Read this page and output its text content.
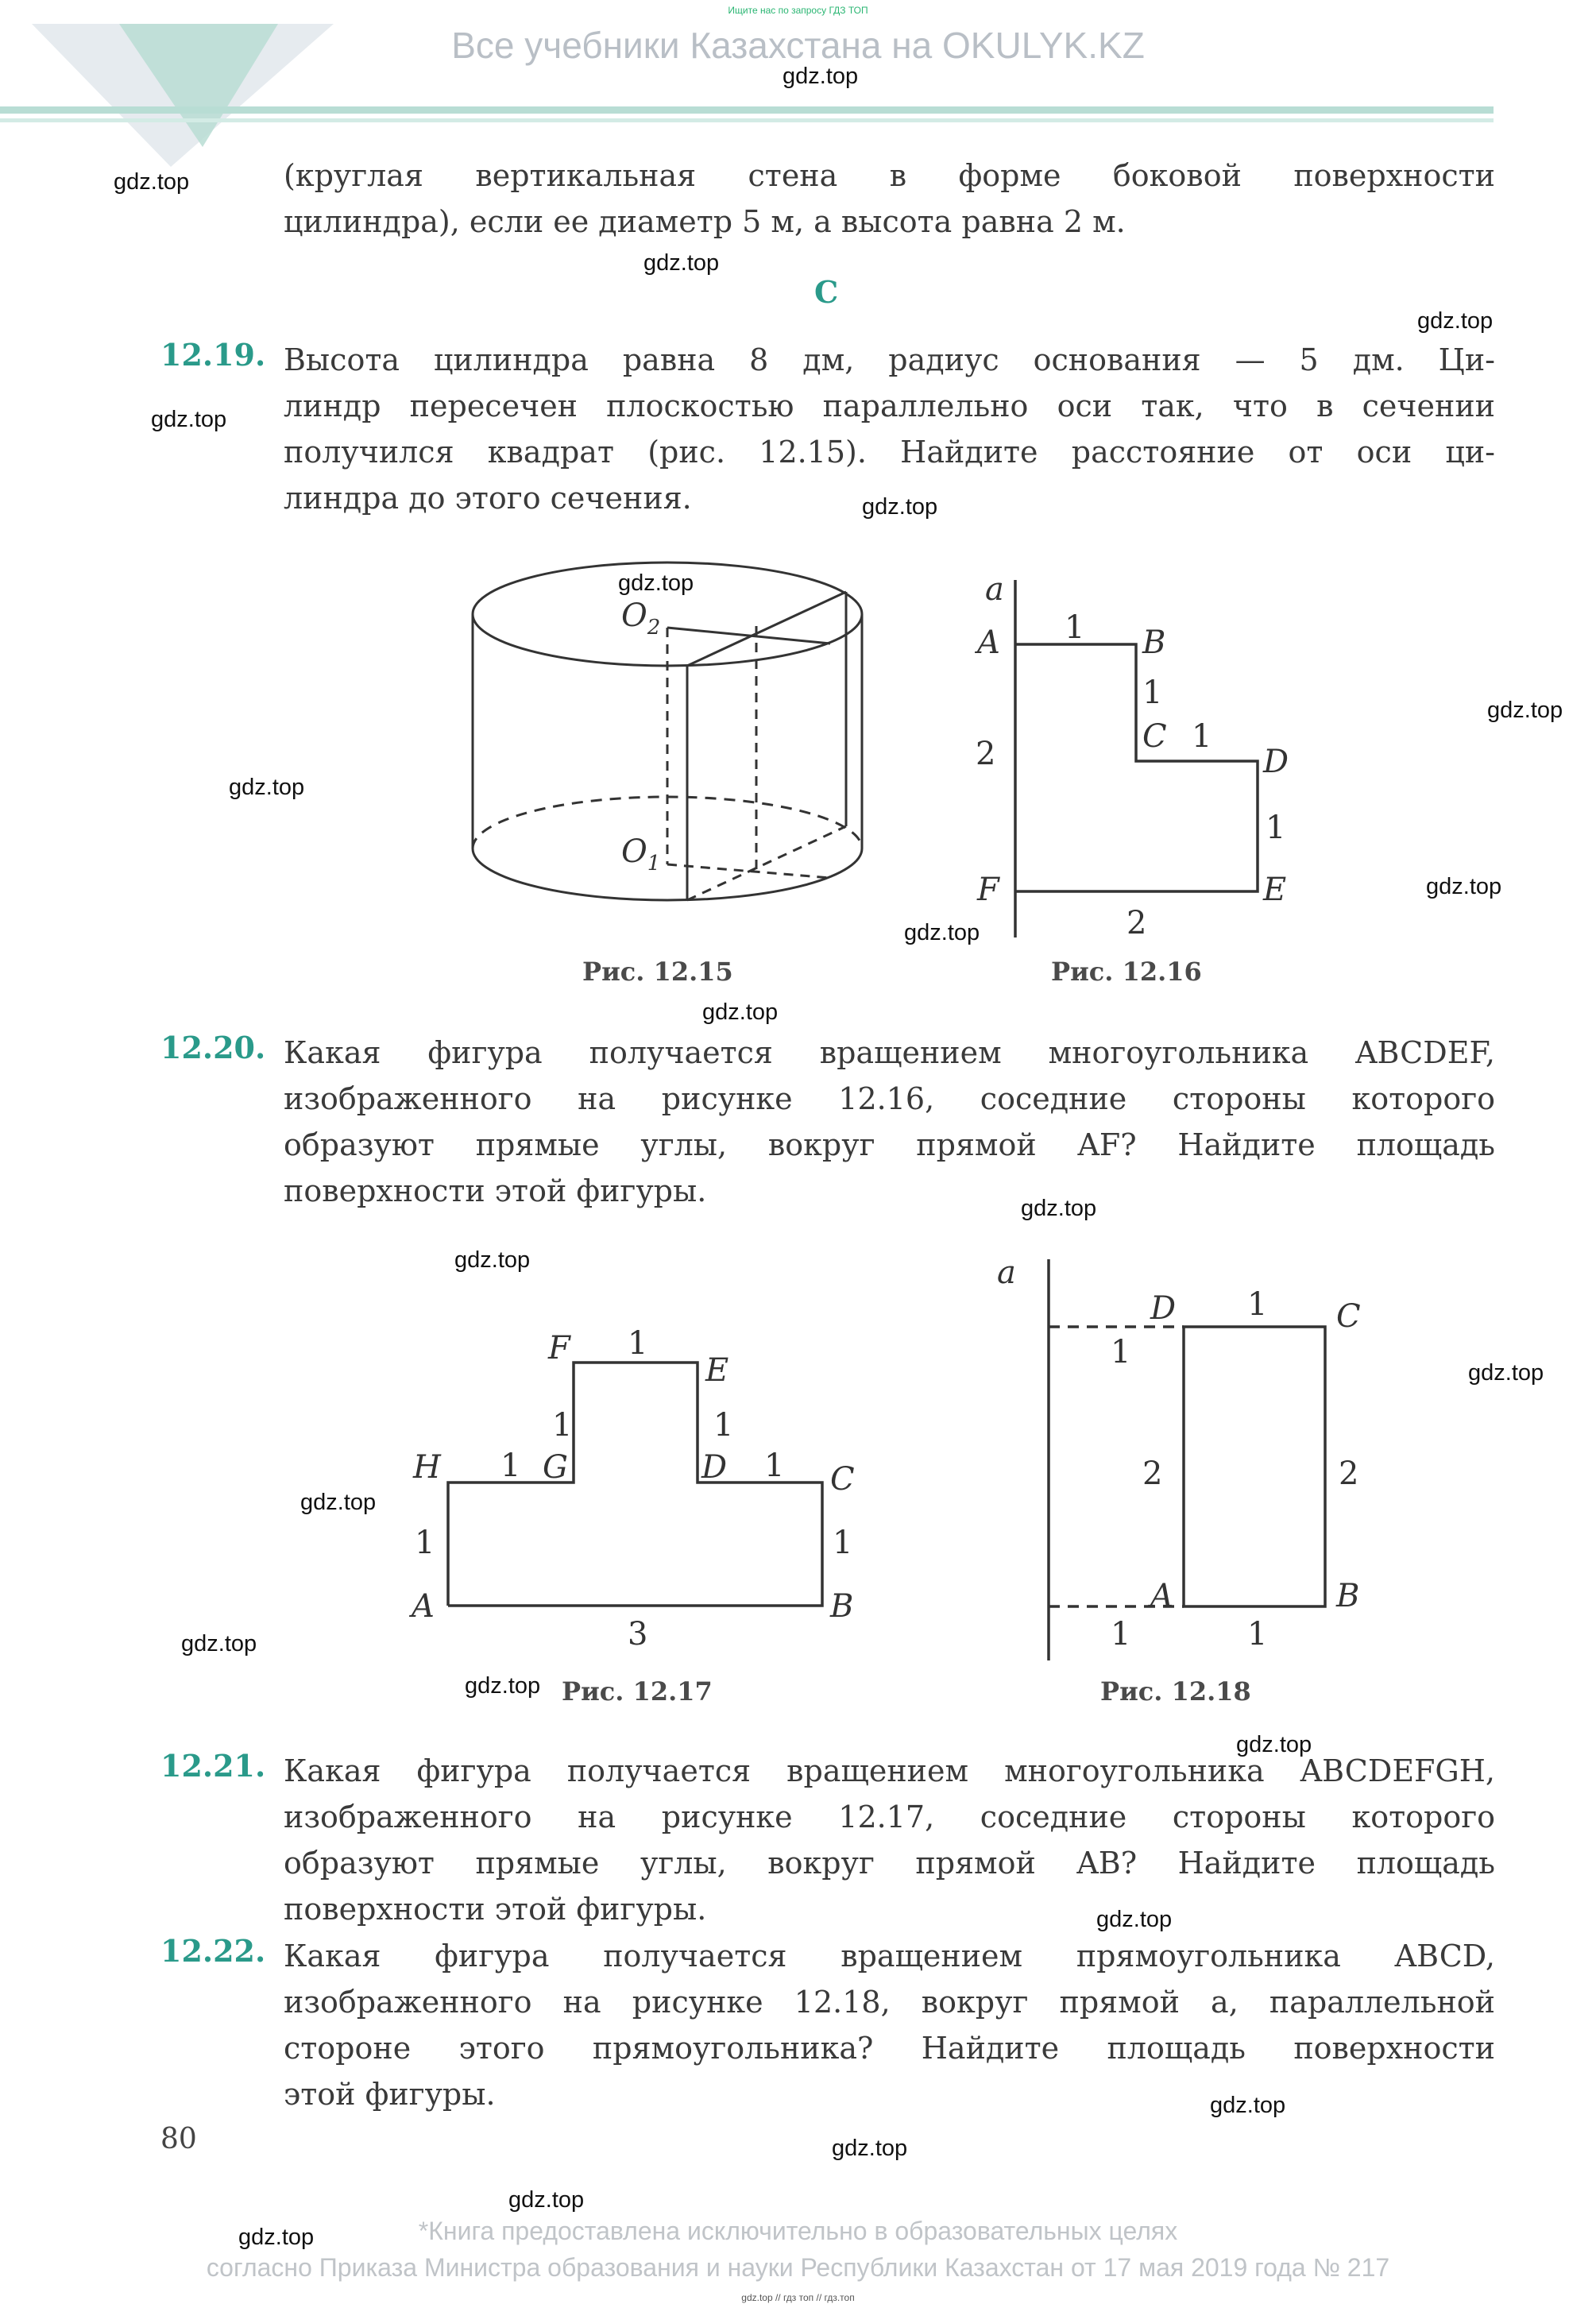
Ищите нас по запросу ГДЗ ТОП
Все учебники Казахстана на OKULYK.KZ
(круглая вертикальная стена в форме боковой поверхности
цилиндра), если ее диаметр 5 м, а высота равна 2 м.
C
12.19. Высота цилиндра равна 8 дм, радиус основания — 5 дм. Ци-
линдр пересечен плоскостью параллельно оси так, что в сечении
получился квадрат (рис. 12.15). Найдите расстояние от оси ци-
линдра до этого сечения.
$O_2$
$O_1$
Рис. 12.15
a
A	B
C
D
E
F
1
1
1
1
2
2
Рис. 12.16
12.20. Какая фигура получается вращением многоугольника ABCDEF,
изображенного на рисунке 12.16, соседние стороны которого
образуют прямые углы, вокруг прямой AF? Найдите площадь
поверхности этой фигуры.
F
E
G	D
H	C
A	B
1
1	1
1	1
1	1
3
Рис. 12.17
a
D	C
A	B
1
1
2	2
1	1
Рис. 12.18
12.21. Какая фигура получается вращением многоугольника ABCDEFGH,
изображенного на рисунке 12.17, соседние стороны которого
образуют прямые углы, вокруг прямой AB? Найдите площадь
поверхности этой фигуры.
12.22. Какая фигура получается вращением прямоугольника ABCD,
изображенного на рисунке 12.18, вокруг прямой a, параллельной
стороне этого прямоугольника? Найдите площадь поверхности
этой фигуры.
80
*Книга предоставлена исключительно в образовательных целях
согласно Приказа Министра образования и науки Республики Казахстан от 17 мая 2019 года № 217
gdz.top // гдз топ // гдз.топ
gdz.top
gdz.top
gdz.top
gdz.top
gdz.top
gdz.top
gdz.top
gdz.top
gdz.top
gdz.top
gdz.top
gdz.top
gdz.top
gdz.top
gdz.top
gdz.top
gdz.top
gdz.top
gdz.top
gdz.top
gdz.top
gdz.top
gdz.top
gdz.top
